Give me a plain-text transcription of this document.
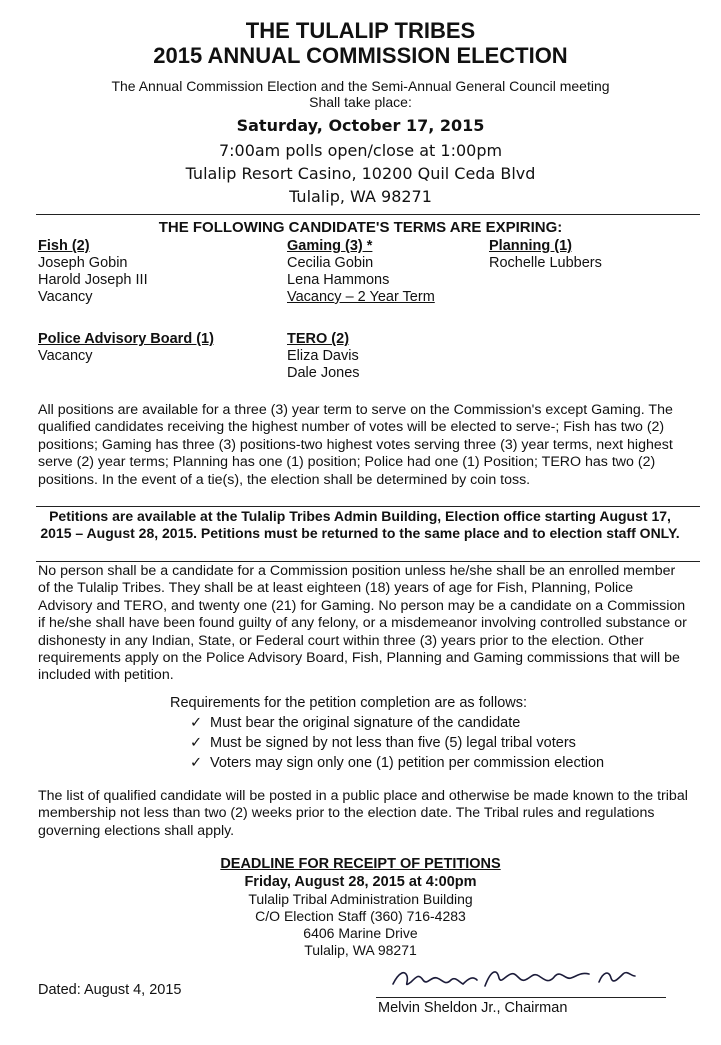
THE TULALIP TRIBES
2015 ANNUAL COMMISSION ELECTION
The Annual Commission Election and the Semi-Annual General Council meeting
Shall take place:
Saturday, October 17, 2015
7:00am polls open/close at 1:00pm
Tulalip Resort Casino, 10200 Quil Ceda Blvd
Tulalip, WA 98271
THE FOLLOWING CANDIDATE'S TERMS ARE EXPIRING:
Fish (2)
Joseph Gobin
Harold Joseph III
Vacancy
Gaming (3) *
Cecilia Gobin
Lena Hammons
Vacancy – 2 Year Term
Planning (1)
Rochelle Lubbers
Police Advisory Board (1)
Vacancy
TERO (2)
Eliza Davis
Dale Jones
All positions are available for a three (3) year term to serve on the Commission's except Gaming. The qualified candidates receiving the highest number of votes will be elected to serve-; Fish has two (2) positions; Gaming has three (3) positions-two highest votes serving three (3) year terms, next highest serve (2) year terms; Planning has one (1) position; Police had one (1) Position; TERO has two (2) positions. In the event of a tie(s), the election shall be determined by coin toss.
Petitions are available at the Tulalip Tribes Admin Building, Election office starting August 17, 2015 – August 28, 2015. Petitions must be returned to the same place and to election staff ONLY.
No person shall be a candidate for a Commission position unless he/she shall be an enrolled member of the Tulalip Tribes. They shall be at least eighteen (18) years of age for Fish, Planning, Police Advisory and TERO, and twenty one (21) for Gaming. No person may be a candidate on a Commission if he/she shall have been found guilty of any felony, or a misdemeanor involving controlled substance or dishonesty in any Indian, State, or Federal court within three (3) years prior to the election. Other requirements apply on the Police Advisory Board, Fish, Planning and Gaming commissions that will be included with petition.
Requirements for the petition completion are as follows:
✓ Must bear the original signature of the candidate
✓ Must be signed by not less than five (5) legal tribal voters
✓ Voters may sign only one (1) petition per commission election
The list of qualified candidate will be posted in a public place and otherwise be made known to the tribal membership not less than two (2) weeks prior to the election date. The Tribal rules and regulations governing elections shall apply.
DEADLINE FOR RECEIPT OF PETITIONS
Friday, August 28, 2015 at 4:00pm
Tulalip Tribal Administration Building
C/O Election Staff (360) 716-4283
6406 Marine Drive
Tulalip, WA 98271
Dated: August 4, 2015
Melvin Sheldon Jr., Chairman
